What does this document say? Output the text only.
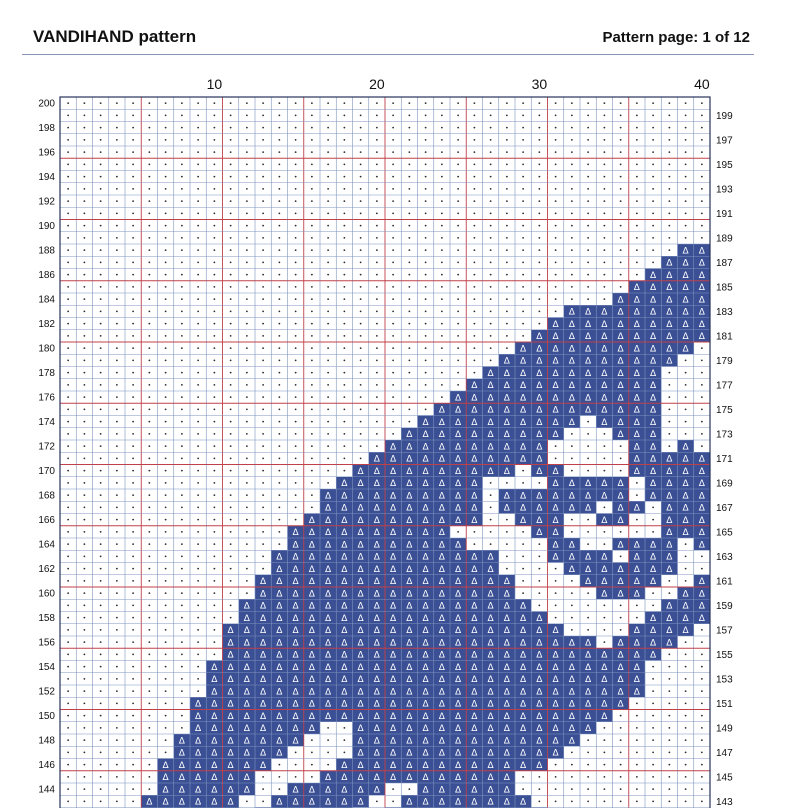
VANDIHAND pattern	Pattern page: 1 of 12
Δ Δ
Δ Δ Δ
Δ Δ Δ Δ
Δ Δ Δ Δ Δ
Δ Δ Δ Δ Δ Δ
Δ Δ Δ Δ Δ Δ Δ Δ Δ
Δ Δ Δ Δ Δ Δ Δ Δ Δ Δ
Δ Δ Δ Δ Δ Δ Δ Δ Δ Δ Δ
Δ Δ Δ Δ Δ Δ Δ Δ Δ Δ Δ
Δ Δ Δ Δ Δ Δ Δ Δ Δ Δ Δ
Δ Δ Δ Δ Δ Δ Δ Δ Δ Δ Δ
Δ Δ Δ Δ Δ Δ Δ Δ Δ Δ Δ Δ
Δ Δ Δ Δ Δ Δ Δ Δ Δ Δ Δ Δ Δ
Δ Δ Δ Δ Δ Δ Δ Δ Δ Δ Δ Δ Δ Δ
Δ Δ Δ Δ Δ Δ Δ Δ Δ Δ	Δ Δ Δ Δ
Δ Δ Δ Δ Δ Δ Δ Δ Δ Δ	Δ Δ Δ
Δ Δ Δ Δ Δ Δ Δ Δ Δ Δ	Δ Δ	Δ
Δ Δ Δ Δ Δ Δ Δ Δ Δ Δ Δ	Δ Δ Δ Δ Δ
Δ Δ Δ Δ Δ Δ Δ Δ Δ Δ	Δ Δ	Δ Δ Δ Δ Δ
Δ Δ Δ Δ Δ Δ Δ Δ Δ	Δ Δ Δ Δ Δ	Δ Δ Δ Δ
Δ Δ Δ Δ Δ Δ Δ Δ Δ Δ	Δ Δ Δ Δ Δ Δ Δ Δ	Δ Δ Δ Δ
Δ Δ Δ Δ Δ Δ Δ Δ Δ Δ	Δ Δ Δ Δ Δ Δ	Δ Δ	Δ Δ Δ
Δ Δ Δ Δ Δ Δ Δ Δ Δ Δ Δ	Δ Δ Δ	Δ Δ	Δ Δ Δ
Δ Δ Δ Δ Δ Δ Δ Δ Δ Δ	Δ Δ	Δ Δ Δ
Δ Δ Δ Δ Δ Δ Δ Δ Δ Δ Δ	Δ Δ	Δ Δ Δ Δ	Δ
Δ Δ Δ Δ Δ Δ Δ Δ Δ Δ Δ Δ Δ Δ	Δ Δ Δ Δ	Δ Δ Δ
Δ Δ Δ Δ Δ Δ Δ Δ Δ Δ Δ Δ Δ Δ	Δ Δ Δ Δ Δ Δ Δ
Δ Δ Δ Δ Δ Δ Δ Δ Δ Δ Δ Δ Δ Δ Δ Δ	Δ Δ Δ Δ Δ	Δ
Δ Δ Δ Δ Δ Δ Δ Δ Δ Δ Δ Δ Δ Δ Δ Δ	Δ Δ Δ	Δ Δ
Δ Δ Δ Δ Δ Δ Δ Δ Δ Δ Δ Δ Δ Δ Δ Δ Δ Δ	Δ Δ Δ
Δ Δ Δ Δ Δ Δ Δ Δ Δ Δ Δ Δ Δ Δ Δ Δ Δ Δ Δ	Δ Δ Δ Δ
Δ Δ Δ Δ Δ Δ Δ Δ Δ Δ Δ Δ Δ Δ Δ Δ Δ Δ Δ Δ Δ	Δ Δ Δ Δ
Δ Δ Δ Δ Δ Δ Δ Δ Δ Δ Δ Δ Δ Δ Δ Δ Δ Δ Δ Δ Δ Δ Δ	Δ Δ Δ Δ
Δ Δ Δ Δ Δ Δ Δ Δ Δ Δ Δ Δ Δ Δ Δ Δ Δ Δ Δ Δ Δ Δ Δ Δ Δ Δ Δ
Δ Δ Δ Δ Δ Δ Δ Δ Δ Δ Δ Δ Δ Δ Δ Δ Δ Δ Δ Δ Δ Δ Δ Δ Δ Δ Δ
Δ Δ Δ Δ Δ Δ Δ Δ Δ Δ Δ Δ Δ Δ Δ Δ Δ Δ Δ Δ Δ Δ Δ Δ Δ Δ Δ
Δ Δ Δ Δ Δ Δ Δ Δ Δ Δ Δ Δ Δ Δ Δ Δ Δ Δ Δ Δ Δ Δ Δ Δ Δ Δ Δ
Δ Δ Δ Δ Δ Δ Δ Δ Δ Δ Δ Δ Δ Δ Δ Δ Δ Δ Δ Δ Δ Δ Δ Δ Δ Δ Δ
Δ Δ Δ Δ Δ Δ Δ Δ Δ Δ Δ Δ Δ Δ Δ Δ Δ Δ Δ Δ Δ Δ Δ Δ Δ Δ
Δ Δ Δ Δ Δ Δ Δ Δ	Δ Δ Δ Δ Δ Δ Δ Δ Δ Δ Δ Δ Δ Δ Δ
Δ Δ Δ Δ Δ Δ Δ Δ	Δ Δ Δ Δ Δ Δ Δ Δ Δ Δ Δ Δ Δ Δ
Δ Δ Δ Δ Δ Δ Δ	Δ Δ Δ Δ Δ Δ Δ Δ Δ Δ Δ Δ Δ
Δ Δ Δ Δ Δ Δ Δ	Δ Δ Δ Δ Δ Δ Δ Δ Δ Δ Δ Δ Δ
Δ Δ Δ Δ Δ Δ	Δ Δ Δ Δ Δ Δ Δ Δ Δ Δ Δ Δ
Δ Δ Δ Δ Δ Δ	Δ Δ Δ Δ Δ Δ	Δ Δ Δ Δ Δ Δ
Δ Δ Δ Δ Δ Δ	Δ Δ Δ Δ Δ Δ	Δ Δ Δ Δ Δ Δ Δ Δ
10	20	30	40
200
198
196
194
192
190
188
186
184
182
180
178
176
174
172
170
168
166
164
162
160
158
156
154
152
150
148
146
144
199
197
195
193
191
189
187
185
183
181
179
177
175
173
171
169
167
165
163
161
159
157
155
153
151
149
147
145
143
